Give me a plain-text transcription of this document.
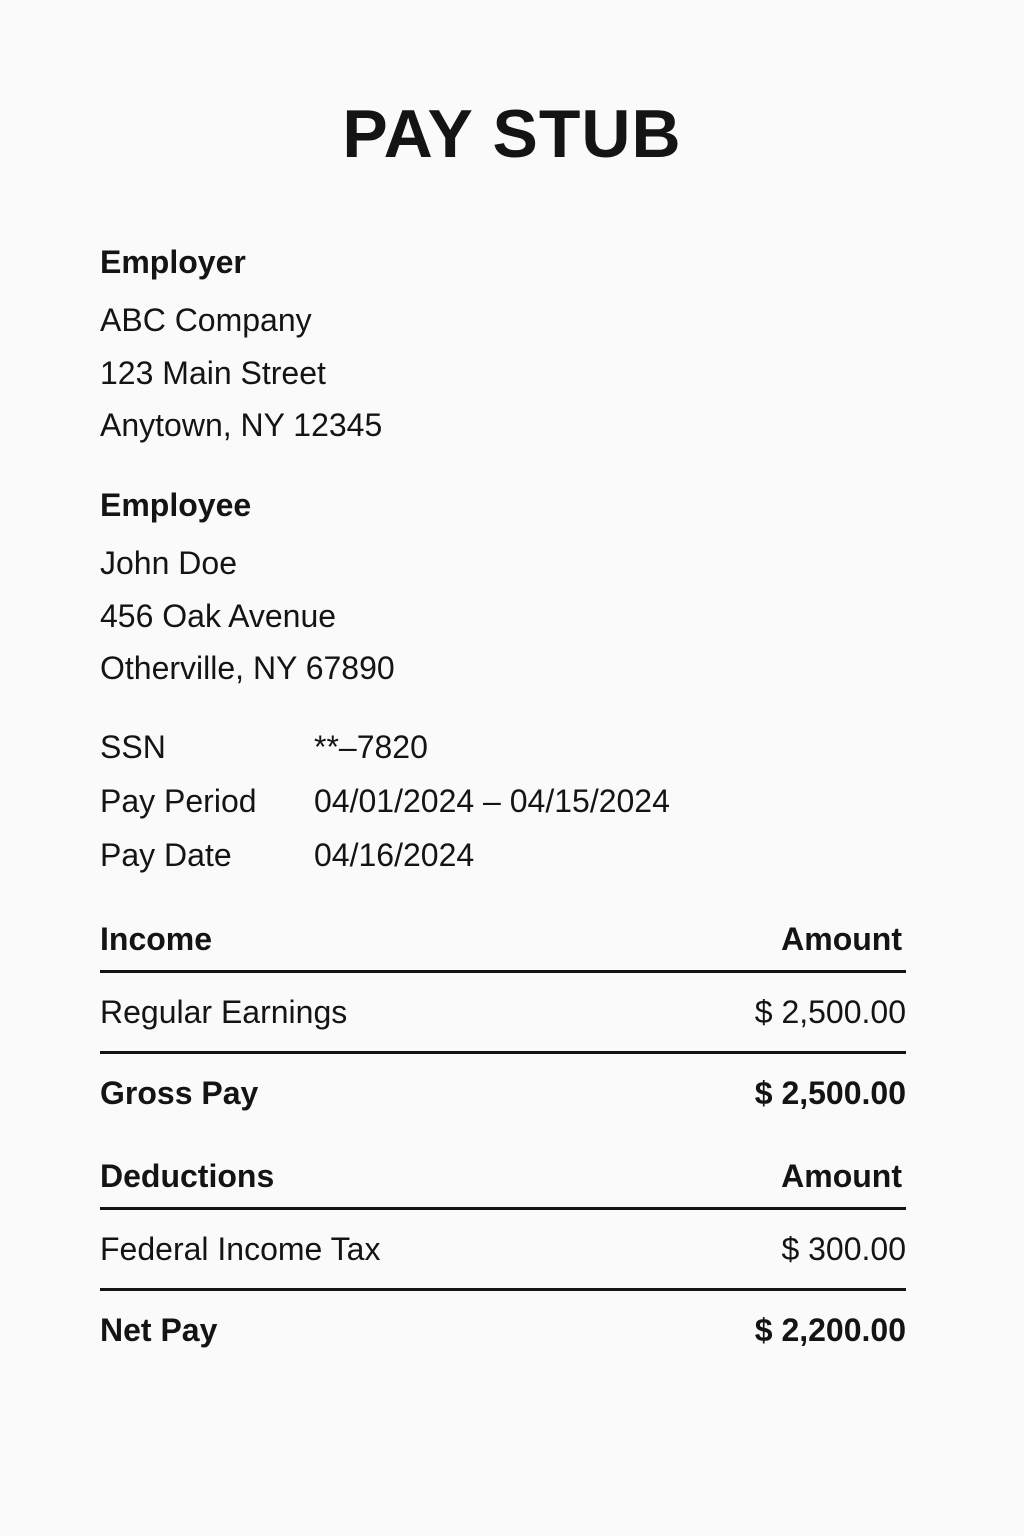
PAY STUB
Employer
ABC Company
123 Main Street
Anytown, NY 12345
Employee
John Doe
456 Oak Avenue
Otherville, NY 67890
SSN	**–7820
Pay Period	04/01/2024 – 04/15/2024
Pay Date	04/16/2024
Income	Amount
Regular Earnings	$ 2,500.00
Gross Pay	$ 2,500.00
Deductions	Amount
Federal Income Tax	$ 300.00
Net Pay	$ 2,200.00
